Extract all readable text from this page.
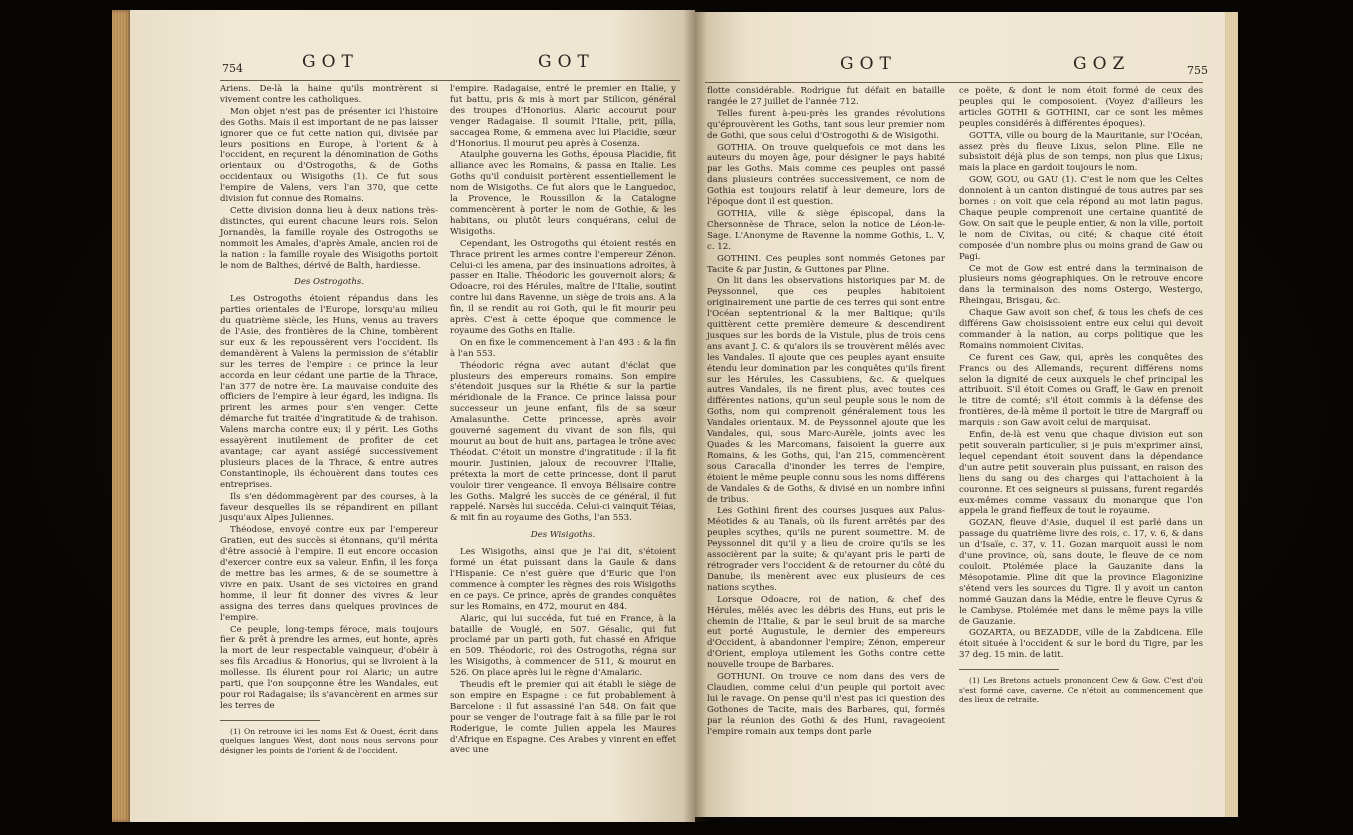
754	GOT	GOT

Ariens. De-là la haine qu'ils montrèrent si vivement contre les catholiques.

Mon objet n'est pas de présenter ici l'histoire des Goths. Mais il est important de ne pas laisser ignorer que ce fut cette nation qui, divisée par leurs positions en Europe, à l'orient & à l'occident, en reçurent la dénomination de Goths orientaux ou d'Ostrogoths, & de Goths occidentaux ou Wisigoths (1). Ce fut sous l'empire de Valens, vers l'an 370, que cette division fut connue des Romains.

Cette division donna lieu à deux nations très-distinctes, qui eurent chacune leurs rois. Selon Jornandès, la famille royale des Ostrogoths se nommoit les Amales, d'après Amale, ancien roi de la nation : la famille royale des Wisigoths portoit le nom de Balthes, dérivé de Balth, hardiesse.

Des Ostrogoths.

Les Ostrogoths étoient répandus dans les parties orientales de l'Europe, lorsqu'au milieu du quatrième siècle, les Huns, venus au travers de l'Asie, des frontières de la Chine, tombèrent sur eux & les repoussèrent vers l'occident. Ils demandèrent à Valens la permission de s'établir sur les terres de l'empire : ce prince la leur accorda en leur cédant une partie de la Thrace, l'an 377 de notre ère. La mauvaise conduite des officiers de l'empire à leur égard, les indigna. Ils prirent les armes pour s'en venger. Cette démarche fut traitée d'ingratitude & de trahison. Valens marcha contre eux; il y périt. Les Goths essayèrent inutilement de profiter de cet avantage; car ayant assiégé successivement plusieurs places de la Thrace, & entre autres Constantinople, ils échouèrent dans toutes ces entreprises.

Ils s'en dédommagèrent par des courses, à la faveur desquelles ils se répandirent en pillant jusqu'aux Alpes Juliennes.

Théodose, envoyé contre eux par l'empereur Gratien, eut des succès si étonnans, qu'il mérita d'être associé à l'empire. Il eut encore occasion d'exercer contre eux sa valeur. Enfin, il les força de mettre bas les armes, & de se soumettre à vivre en paix. Usant de ses victoires en grand homme, il leur fit donner des vivres & leur assigna des terres dans quelques provinces de l'empire.

Ce peuple, long-temps féroce, mais toujours fier & prêt à prendre les armes, eut honte, après la mort de leur respectable vainqueur, d'obéir à ses fils Arcadius & Honorius, qui se livroient à la mollesse. Ils élurent pour roi Alaric; un autre parti, que l'on soupçonne être les Wandales, eut pour roi Radagaise; ils s'avancèrent en armes sur les terres de

(1) On retrouve ici les noms Est & Ouest, écrit dans quelques langues West, dont nous nous servons pour désigner les points de l'orient & de l'occident.

l'empire. Radagaise, entré le premier en Italie, y fut battu, pris & mis à mort par Stilicon, général des troupes d'Honorius. Alaric accourut pour venger Radagaise. Il soumit l'Italie, prit, pilla, saccagea Rome, & emmena avec lui Placidie, sœur d'Honorius. Il mourut peu après à Cosenza.

Ataulphe gouverna les Goths, épousa Placidie, fit alliance avec les Romains, & passa en Italie. Les Goths qu'il conduisit portèrent essentiellement le nom de Wisigoths. Ce fut alors que le Languedoc, la Provence, le Roussillon & la Catalogne commencèrent à porter le nom de Gothie, & les habitans, ou plutôt leurs conquérans, celui de Wisigoths.

Cependant, les Ostrogoths qui étoient restés en Thrace prirent les armes contre l'empereur Zénon. Celui-ci les amena, par des insinuations adroites, à passer en Italie. Théodoric les gouvernoit alors; & Odoacre, roi des Hérules, maître de l'Italie, soutint contre lui dans Ravenne, un siège de trois ans. A la fin, il se rendit au roi Goth, qui le fit mourir peu après. C'est à cette époque que commence le royaume des Goths en Italie.

On en fixe le commencement à l'an 493 : & la fin à l'an 553.

Théodoric régna avec autant d'éclat que plusieurs des empereurs romains. Son empire s'étendoit jusques sur la Rhétie & sur la partie méridionale de la France. Ce prince laissa pour successeur un jeune enfant, fils de sa sœur Amalasunthe. Cette princesse, après avoir gouverné sagement du vivant de son fils, qui mourut au bout de huit ans, partagea le trône avec Théodat. C'étoit un monstre d'ingratitude : il la fit mourir. Justinien, jaloux de recouvrer l'Italie, prétexta la mort de cette princesse, dont il parut vouloir tirer vengeance. Il envoya Bélisaire contre les Goths. Malgré les succès de ce général, il fut rappelé. Narsès lui succéda. Celui-ci vainquit Téias, & mit fin au royaume des Goths, l'an 553.

Des Wisigoths.

Les Wisigoths, ainsi que je l'ai dit, s'étoient formé un état puissant dans la Gaule & dans l'Hispanie. Ce n'est guère que d'Euric que l'on commence à compter les règnes des rois Wisigoths en ce pays. Ce prince, après de grandes conquêtes sur les Romains, en 472, mourut en 484.

Alaric, qui lui succéda, fut tué en France, à la bataille de Vouglé, en 507. Gésalic, qui fut proclamé par un parti goth, fut chassé en Afrique en 509. Théodoric, roi des Ostrogoths, régna sur les Wisigoths, à commencer de 511, & mourut en 526. On place après lui le règne d'Amalaric.

Theudis eft le premier qui ait établi le siège de son empire en Espagne : ce fut probablement à Barcelone : il fut assassiné l'an 548. On fait que pour se venger de l'outrage fait à sa fille par le roi Roderigue, le comte Julien appela les Maures d'Afrique en Espagne. Ces Arabes y vinrent en effet avec une

GOT	GOZ	755

flotte considérable. Rodrigue fut défait en bataille rangée le 27 juillet de l'année 712.

Telles furent à-peu-près les grandes révolutions qu'éprouvèrent les Goths, tant sous leur premier nom de Gothi, que sous celui d'Ostrogothi & de Wisigothi.

GOTHIA. On trouve quelquefois ce mot dans les auteurs du moyen âge, pour désigner le pays habité par les Goths. Mais comme ces peuples ont passé dans plusieurs contrées successivement, ce nom de Gothia est toujours relatif à leur demeure, lors de l'époque dont il est question.

GOTHIA, ville & siège épiscopal, dans la Chersonnèse de Thrace, selon la notice de Léon-le-Sage. L'Anonyme de Ravenne la nomme Gothis, L. V, c. 12.

GOTHINI. Ces peuples sont nommés Getones par Tacite & par Justin, & Guttones par Pline.

On lit dans les observations historiques par M. de Peyssonnel, que ces peuples habitoient originairement une partie de ces terres qui sont entre l'Océan septentrional & la mer Baltique; qu'ils quittèrent cette première demeure & descendirent jusques sur les bords de la Vistule, plus de trois cens ans avant J. C. & qu'alors ils se trouvèrent mêlés avec les Vandales. Il ajoute que ces peuples ayant ensuite étendu leur domination par les conquêtes qu'ils firent sur les Hérules, les Cassubiens, &c. & quelques autres Vandales, ils ne firent plus, avec toutes ces différentes nations, qu'un seul peuple sous le nom de Goths, nom qui comprenoit généralement tous les Vandales orientaux. M. de Peyssonnel ajoute que les Vandales, qui, sous Marc-Aurèle, joints avec les Quades & les Marcomans, faisoient la guerre aux Romains, & les Goths, qui, l'an 215, commencèrent sous Caracalla d'inonder les terres de l'empire, étoient le même peuple connu sous les noms différens de Vandales & de Goths, & divisé en un nombre infini de tribus.

Les Gothini firent des courses jusques aux Palus-Méotides & au Tanaïs, où ils furent arrêtés par des peuples scythes, qu'ils ne purent soumettre. M. de Peyssonnel dit qu'il y a lieu de croire qu'ils se les associèrent par la suite; & qu'ayant pris le parti de rétrograder vers l'occident & de retourner du côté du Danube, ils menèrent avec eux plusieurs de ces nations scythes.

Lorsque Odoacre, roi de nation, & chef des Hérules, mêlés avec les débris des Huns, eut pris le chemin de l'Italie, & par le seul bruit de sa marche eut porté Augustule, le dernier des empereurs d'Occident, à abandonner l'empire; Zénon, empereur d'Orient, employa utilement les Goths contre cette nouvelle troupe de Barbares.

GOTHUNI. On trouve ce nom dans des vers de Claudien, comme celui d'un peuple qui portoit avec lui le ravage. On pense qu'il n'est pas ici question des Gothones de Tacite, mais des Barbares, qui, formés par la réunion des Gothi & des Huni, ravageoient l'empire romain aux temps dont parle

ce poëte, & dont le nom étoit formé de ceux des peuples qui le composoient. (Voyez d'ailleurs les articles GOTHI & GOTHINI, car ce sont les mêmes peuples considérés à différentes époques).

GOTTA, ville ou bourg de la Mauritanie, sur l'Océan, assez près du fleuve Lixus, selon Pline. Elle ne subsistoit déjà plus de son temps, non plus que Lixus; mais la place en gardoit toujours le nom.

GOW, GOU, ou GAU (1). C'est le nom que les Celtes donnoient à un canton distingué de tous autres par ses bornes : on voit que cela répond au mot latin pagus. Chaque peuple comprenoit une certaine quantité de Gow. On sait que le peuple entier, & non la ville, portoit le nom de Civitas, ou cité; & chaque cité étoit composée d'un nombre plus ou moins grand de Gaw ou Pagi.

Ce mot de Gow est entré dans la terminaison de plusieurs noms géographiques. On le retrouve encore dans la terminaison des noms Ostergo, Westergo, Rheingau, Brisgau, &c.

Chaque Gaw avoit son chef, & tous les chefs de ces différens Gaw choisissoient entre eux celui qui devoit commander à la nation, au corps politique que les Romains nommoient Civitas.

Ce furent ces Gaw, qui, après les conquêtes des Francs ou des Allemands, reçurent différens noms selon la dignité de ceux auxquels le chef principal les attribuoit. S'il étoit Comes ou Graff, le Gaw en prenoit le titre de comté; s'il étoit commis à la défense des frontières, de-là même il portoit le titre de Margraff ou marquis : son Gaw avoit celui de marquisat.

Enfin, de-là est venu que chaque division eut son petit souverain particulier, si je puis m'exprimer ainsi, lequel cependant étoit souvent dans la dépendance d'un autre petit souverain plus puissant, en raison des liens du sang ou des charges qui l'attachoient à la couronne. Et ces seigneurs si puissans, furent regardés eux-mêmes comme vassaux du monarque que l'on appela le grand fieffeux de tout le royaume.

GOZAN, fleuve d'Asie, duquel il est parlé dans un passage du quatrième livre des rois, c. 17, v. 6, & dans un d'Isaïe, c. 37, v. 11. Gozan marquoit aussi le nom d'une province, où, sans doute, le fleuve de ce nom couloit. Ptolémée place la Gauzanite dans la Mésopotamie. Pline dit que la province Elagonizine s'étend vers les sources du Tigre. Il y avoit un canton nommé Gauzan dans la Médie, entre le fleuve Cyrus & le Cambyse. Ptolémée met dans le même pays la ville de Gauzanie.

GOZARTA, ou BEZADDE, ville de la Zabdicena. Elle étoit située à l'occident & sur le bord du Tigre, par les 37 deg. 15 min. de latit.

(1) Les Bretons actuels prononcent Cew & Gow. C'est d'où s'est formé cave, caverne. Ce n'étoit au commencement que des lieux de retraite.
